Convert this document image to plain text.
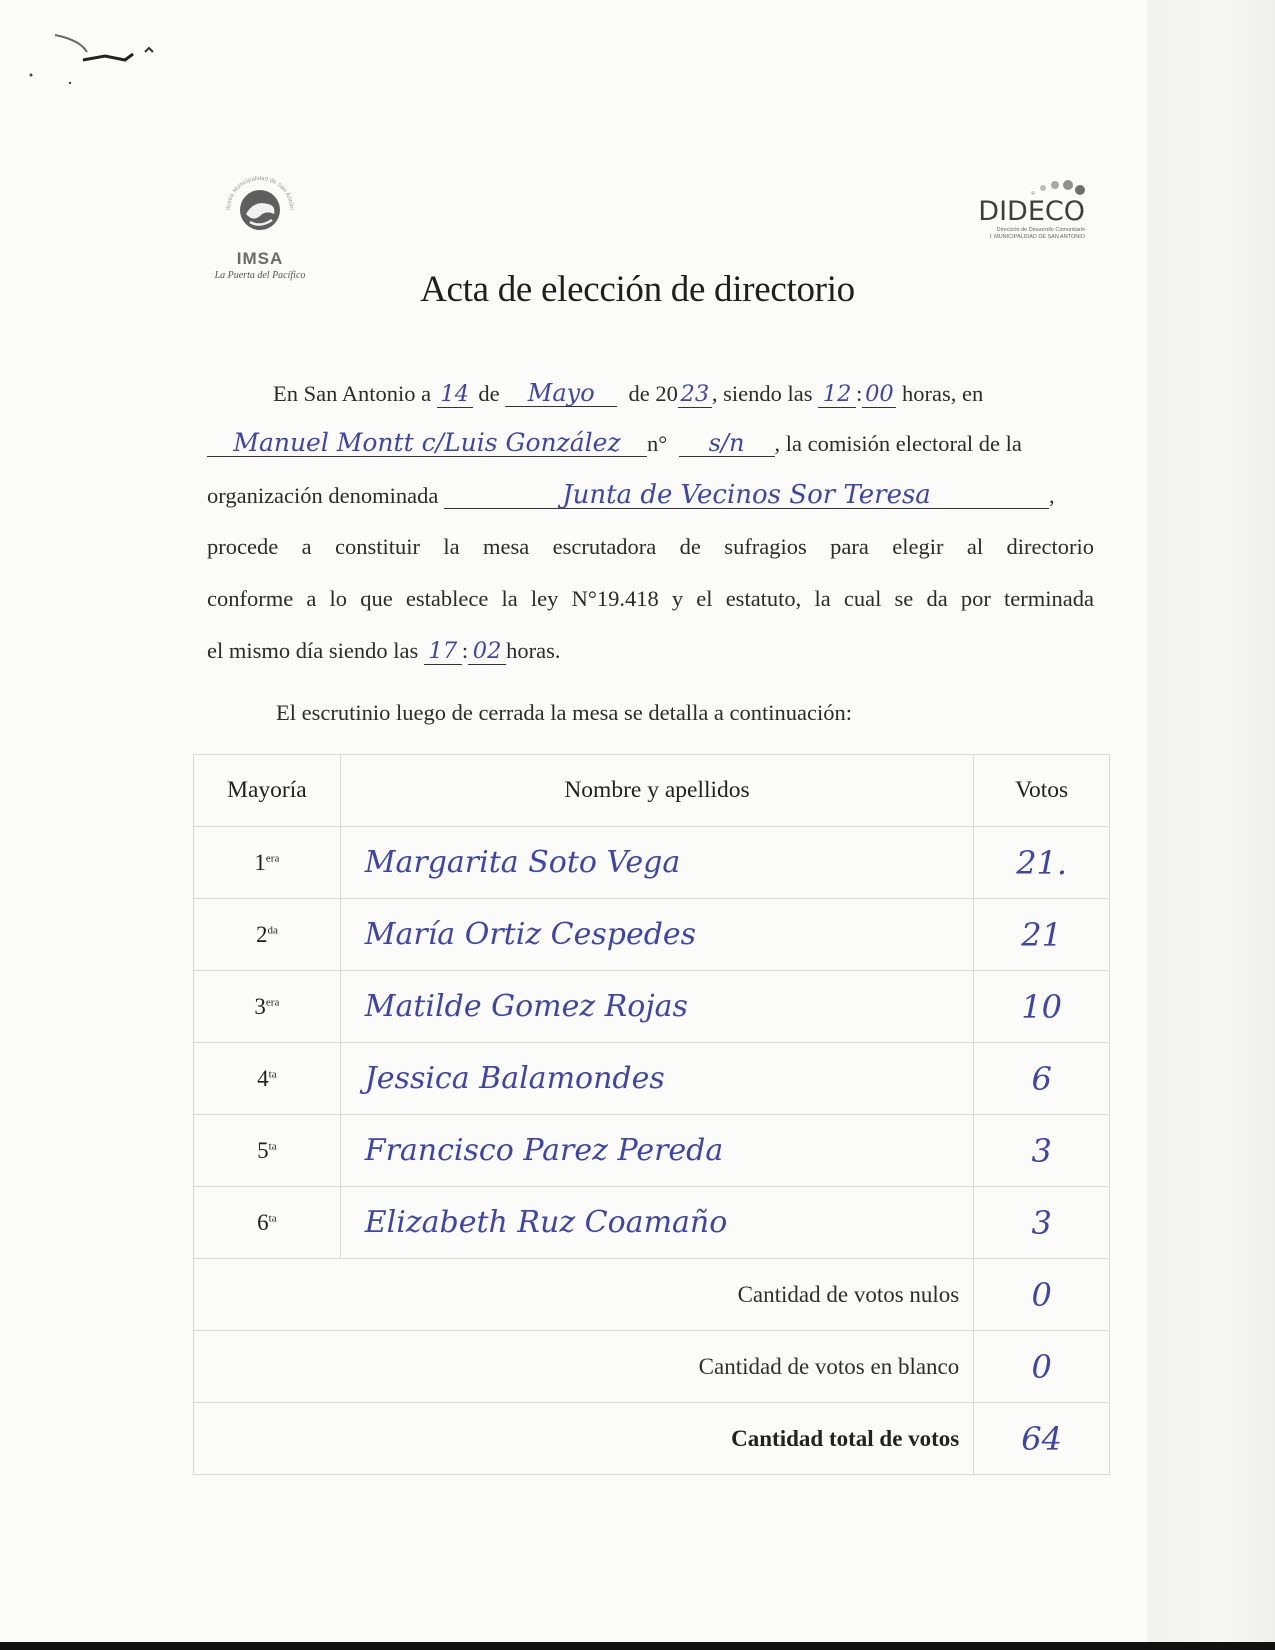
Ilustre Municipalidad de San Antoni
IMSA
La Puerta del Pacífico
DIDECO
Dirección de Desarrollo Comunitario
I. MUNICIPALIDAD DE SAN ANTONIO
Acta de elección de directorio
En San Antonio a 14 de Mayo de 20 23 , siendo las 12 : 00 horas, en
Manuel Montt c/Luis González n° s/n , la comisión electoral de la
organización denominada	Junta de Vecinos Sor Teresa	,
procede a constituir la mesa escrutadora de sufragios para elegir al directorio
conforme a lo que establece la ley N°19.418 y el estatuto, la cual se da por terminada
el mismo día siendo las 17 : 02 horas.
El escrutinio luego de cerrada la mesa se detalla a continuación:
Mayoría	Nombre y apellidos	Votos
$1^{era}$	Margarita Soto Vega	21.
$2^{da}$	María Ortiz Cespedes	21
$3^{era}$	Matilde Gomez Rojas	10
$4^{ta}$	Jessica Balamondes	6
$5^{ta}$	Francisco Parez Pereda	3
$6^{ta}$	Elizabeth Ruz Coamaño	3
Cantidad de votos nulos		0
Cantidad de votos en blanco		0
Cantidad total de votos		64
